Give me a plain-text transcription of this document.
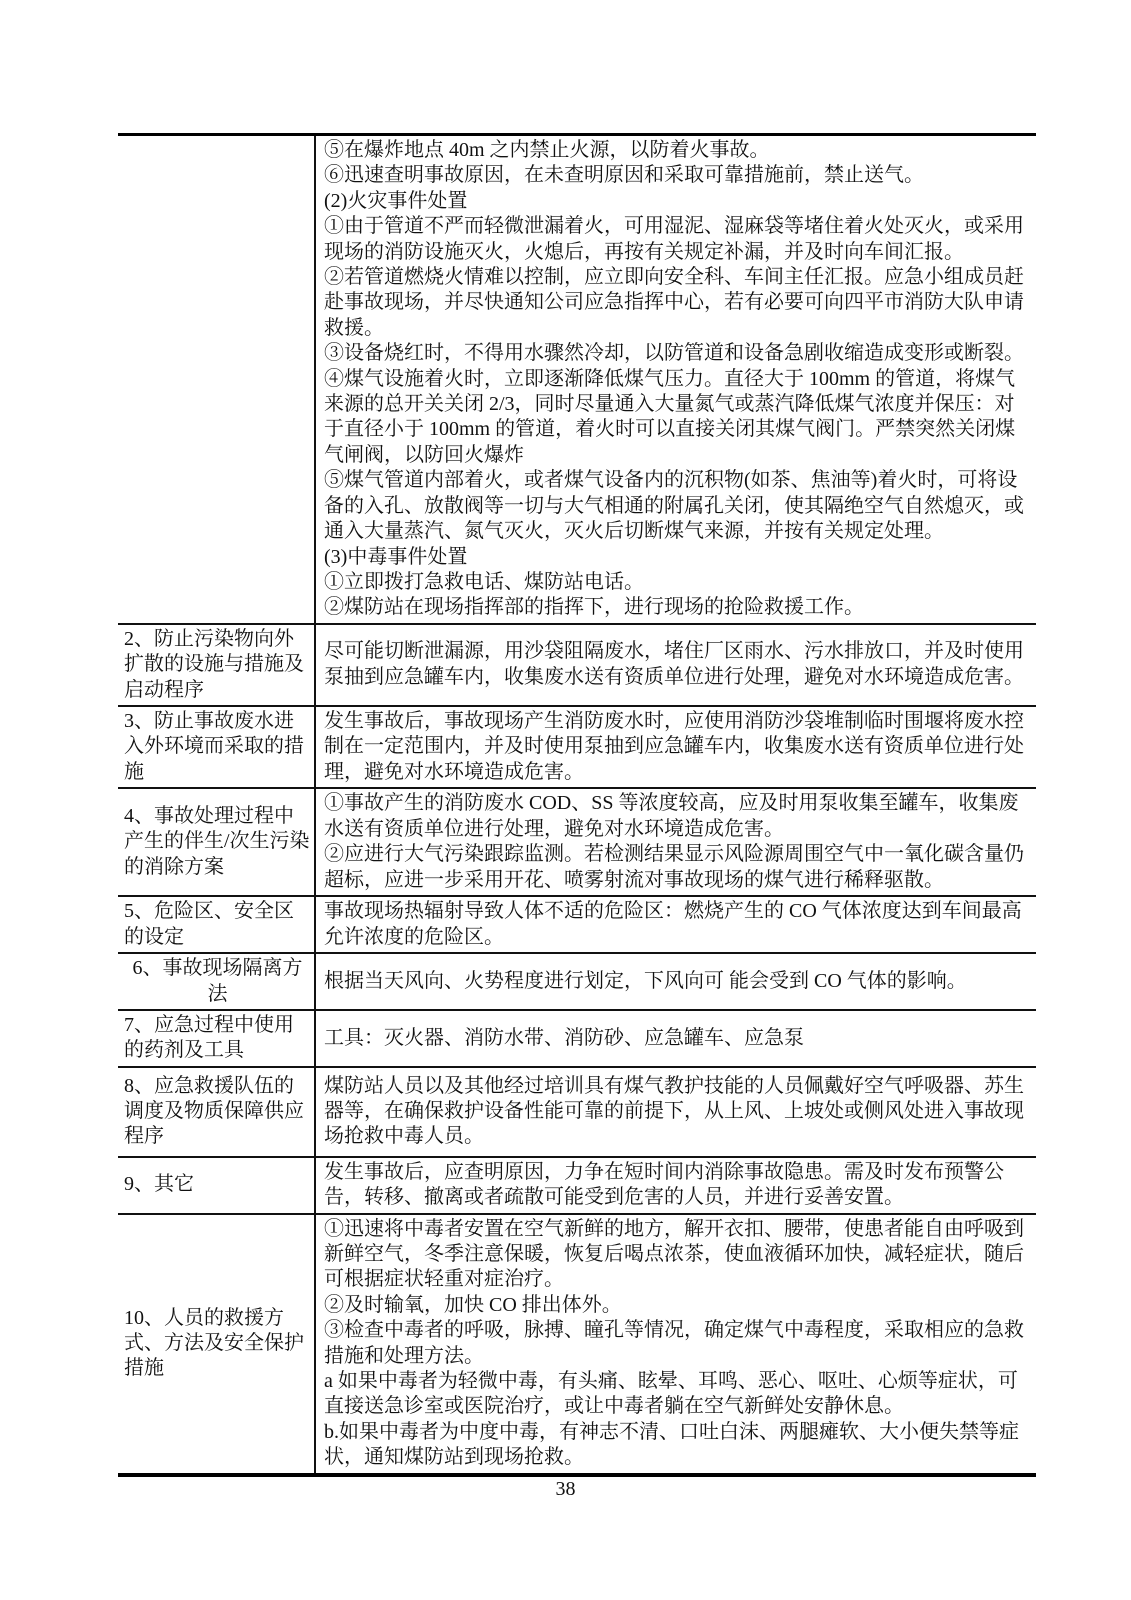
⑤在爆炸地点 40m 之内禁止火源，以防着火事故。
⑥迅速查明事故原因，在未查明原因和采取可靠措施前，禁止送气。
(2)火灾事件处置
①由于管道不严而轻微泄漏着火，可用湿泥、湿麻袋等堵住着火处灭火，或采用现场的消防设施灭火，火熄后，再按有关规定补漏，并及时向车间汇报。
②若管道燃烧火情难以控制，应立即向安全科、车间主任汇报。应急小组成员赶赴事故现场，并尽快通知公司应急指挥中心，若有必要可向四平市消防大队申请救援。
③设备烧红时，不得用水骤然冷却，以防管道和设备急剧收缩造成变形或断裂。
④煤气设施着火时，立即逐渐降低煤气压力。直径大于 100mm 的管道，将煤气来源的总开关关闭 2/3，同时尽量通入大量氮气或蒸汽降低煤气浓度并保压：对于直径小于 100mm 的管道，着火时可以直接关闭其煤气阀门。严禁突然关闭煤气闸阀，以防回火爆炸
⑤煤气管道内部着火，或者煤气设备内的沉积物(如茶、焦油等)着火时，可将设备的入孔、放散阀等一切与大气相通的附属孔关闭，使其隔绝空气自然熄灭，或通入大量蒸汽、氮气灭火，灭火后切断煤气来源，并按有关规定处理。
(3)中毒事件处置
①立即拨打急救电话、煤防站电话。
②煤防站在现场指挥部的指挥下，进行现场的抢险救援工作。

2、防止污染物向外扩散的设施与措施及启动程序	尽可能切断泄漏源，用沙袋阻隔废水，堵住厂区雨水、污水排放口，并及时使用泵抽到应急罐车内，收集废水送有资质单位进行处理，避免对水环境造成危害。

3、防止事故废水进入外环境而采取的措施	发生事故后，事故现场产生消防废水时，应使用消防沙袋堆制临时围堰将废水控制在一定范围内，并及时使用泵抽到应急罐车内，收集废水送有资质单位进行处理，避免对水环境造成危害。

4、事故处理过程中产生的伴生/次生污染的消除方案	①事故产生的消防废水 COD、SS 等浓度较高，应及时用泵收集至罐车，收集废水送有资质单位进行处理，避免对水环境造成危害。
②应进行大气污染跟踪监测。若检测结果显示风险源周围空气中一氧化碳含量仍超标，应进一步采用开花、喷雾射流对事故现场的煤气进行稀释驱散。

5、危险区、安全区的设定	事故现场热辐射导致人体不适的危险区：燃烧产生的 CO 气体浓度达到车间最高允许浓度的危险区。

6、事故现场隔离方法	根据当天风向、火势程度进行划定，下风向可 能会受到 CO 气体的影响。

7、应急过程中使用的药剂及工具	工具：灭火器、消防水带、消防砂、应急罐车、应急泵

8、应急救援队伍的调度及物质保障供应程序	煤防站人员以及其他经过培训具有煤气教护技能的人员佩戴好空气呼吸器、苏生器等，在确保救护设备性能可靠的前提下，从上风、上坡处或侧风处进入事故现场抢救中毒人员。

9、其它	发生事故后，应查明原因，力争在短时间内消除事故隐患。需及时发布预警公告，转移、撤离或者疏散可能受到危害的人员，并进行妥善安置。

10、人员的救援方式、方法及安全保护措施	①迅速将中毒者安置在空气新鲜的地方，解开衣扣、腰带，使患者能自由呼吸到新鲜空气，冬季注意保暖，恢复后喝点浓茶，使血液循环加快，减轻症状，随后可根据症状轻重对症治疗。
②及时输氧，加快 CO 排出体外。
③检查中毒者的呼吸，脉搏、瞳孔等情况，确定煤气中毒程度，采取相应的急救措施和处理方法。
a 如果中毒者为轻微中毒，有头痛、眩晕、耳鸣、恶心、呕吐、心烦等症状，可直接送急诊室或医院治疗，或让中毒者躺在空气新鲜处安静休息。
b.如果中毒者为中度中毒，有神志不清、口吐白沫、两腿瘫软、大小便失禁等症状，通知煤防站到现场抢救。
38
